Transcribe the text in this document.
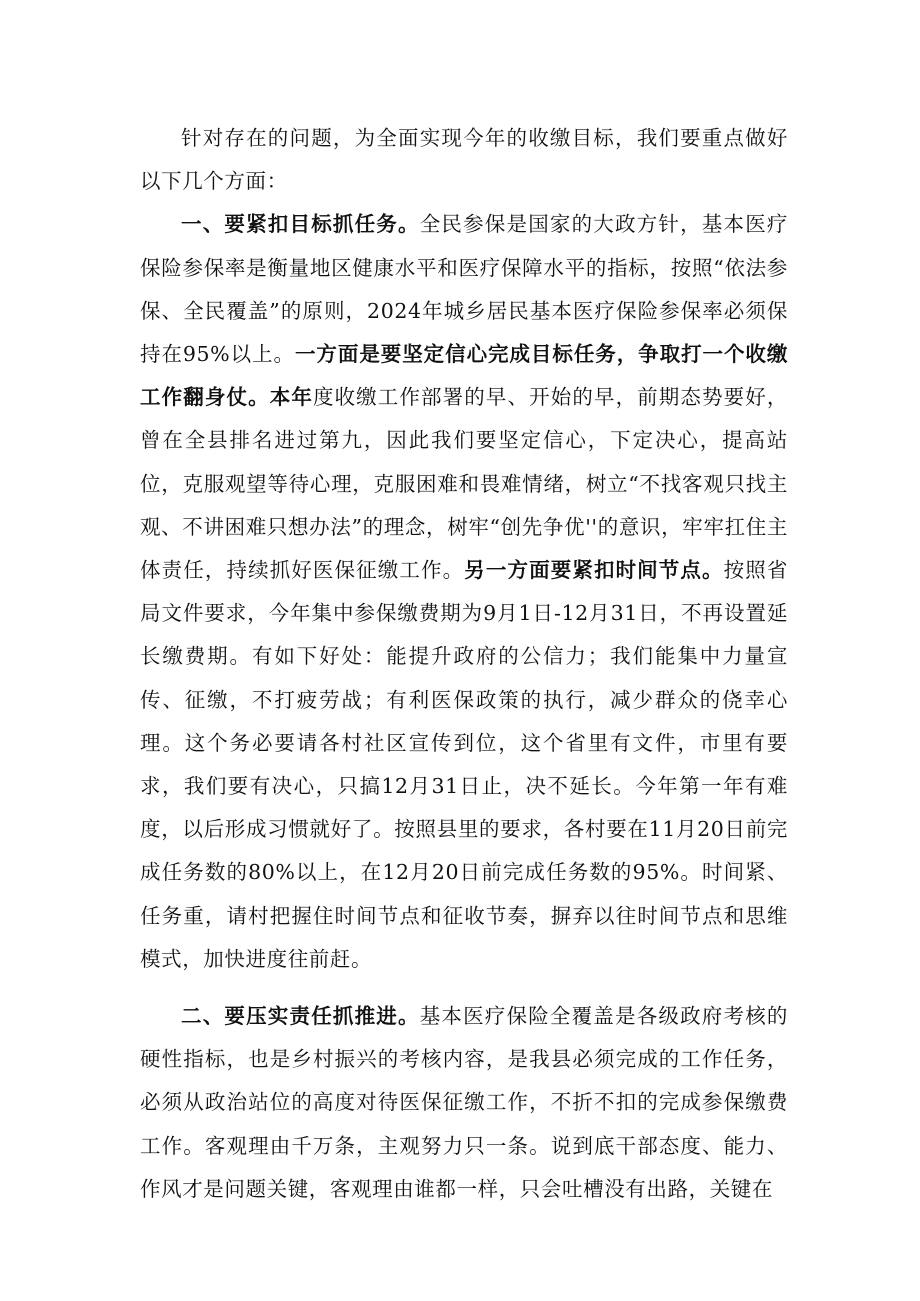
针对存在的问题，为全面实现今年的收缴目标，我们要重点做好以下几个方面：

一、要紧扣目标抓任务。全民参保是国家的大政方针，基本医疗保险参保率是衡量地区健康水平和医疗保障水平的指标，按照“依法参保、全民覆盖”的原则，2024年城乡居民基本医疗保险参保率必须保持在95%以上。一方面是要坚定信心完成目标任务，争取打一个收缴工作翻身仗。本年度收缴工作部署的早、开始的早，前期态势要好，曾在全县排名进过第九，因此我们要坚定信心，下定决心，提高站位，克服观望等待心理，克服困难和畏难情绪，树立“不找客观只找主观、不讲困难只想办法”的理念，树牢“创先争优''的意识，牢牢扛住主体责任，持续抓好医保征缴工作。另一方面要紧扣时间节点。按照省局文件要求，今年集中参保缴费期为9月1日-12月31日，不再设置延长缴费期。有如下好处：能提升政府的公信力；我们能集中力量宣传、征缴，不打疲劳战；有利医保政策的执行，减少群众的侥幸心理。这个务必要请各村社区宣传到位，这个省里有文件，市里有要求，我们要有决心，只搞12月31日止，决不延长。今年第一年有难度，以后形成习惯就好了。按照县里的要求，各村要在11月20日前完成任务数的80%以上，在12月20日前完成任务数的95%。时间紧、任务重，请村把握住时间节点和征收节奏，摒弃以往时间节点和思维模式，加快进度往前赶。

二、要压实责任抓推进。基本医疗保险全覆盖是各级政府考核的硬性指标，也是乡村振兴的考核内容，是我县必须完成的工作任务，必须从政治站位的高度对待医保征缴工作，不折不扣的完成参保缴费工作。客观理由千万条，主观努力只一条。说到底干部态度、能力、作风才是问题关键，客观理由谁都一样，只会吐槽没有出路，关键在
